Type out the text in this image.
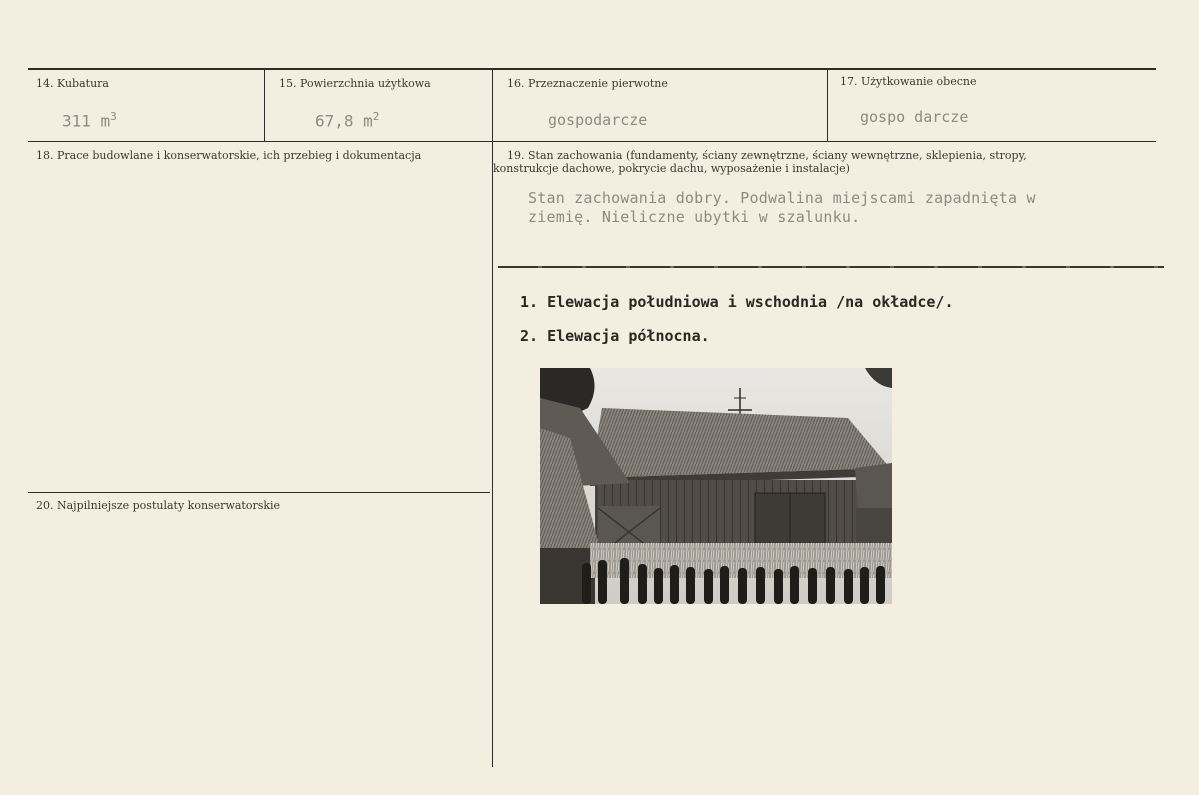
14. Kubatura
311 $m^3$
15. Powierzchnia użytkowa
67,8 $m^2$
16. Przeznaczenie pierwotne
gospodarcze
17. Użytkowanie obecne
gospo darcze
18. Prace budowlane i konserwatorskie, ich przebieg i dokumentacja	19. Stan zachowania (fundamenty, ściany zewnętrzne, ściany wewnętrzne, sklepienia, stropy,
konstrukcje dachowe, pokrycie dachu, wyposażenie i instalacje)
Stan zachowania dobry. Podwalina miejscami zapadnięta w
ziemię. Nieliczne ubytki w szalunku.
1. Elewacja południowa i wschodnia /na okładce/.
2. Elewacja północna.
20. Najpilniejsze postulaty konserwatorskie
